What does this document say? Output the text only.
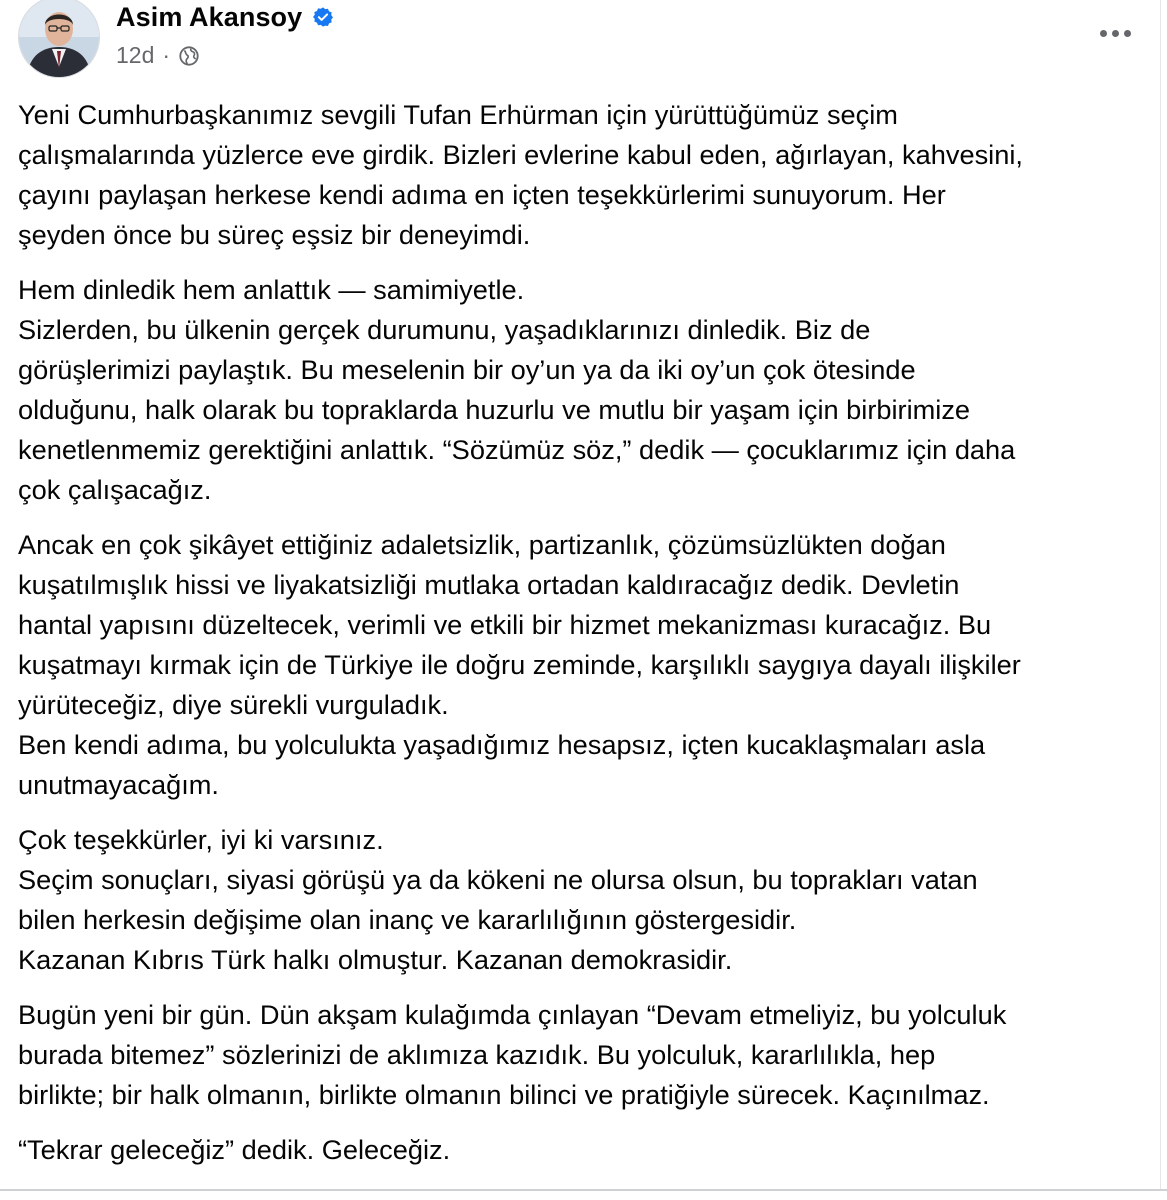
Asim Akansoy
12d ·

Yeni Cumhurbaşkanımız sevgili Tufan Erhürman için yürüttüğümüz seçim
çalışmalarında yüzlerce eve girdik. Bizleri evlerine kabul eden, ağırlayan, kahvesini,
çayını paylaşan herkese kendi adıma en içten teşekkürlerimi sunuyorum. Her
şeyden önce bu süreç eşsiz bir deneyimdi.

Hem dinledik hem anlattık — samimiyetle.
Sizlerden, bu ülkenin gerçek durumunu, yaşadıklarınızı dinledik. Biz de
görüşlerimizi paylaştık. Bu meselenin bir oy’un ya da iki oy’un çok ötesinde
olduğunu, halk olarak bu topraklarda huzurlu ve mutlu bir yaşam için birbirimize
kenetlenmemiz gerektiğini anlattık. “Sözümüz söz,” dedik — çocuklarımız için daha
çok çalışacağız.

Ancak en çok şikâyet ettiğiniz adaletsizlik, partizanlık, çözümsüzlükten doğan
kuşatılmışlık hissi ve liyakatsizliği mutlaka ortadan kaldıracağız dedik. Devletin
hantal yapısını düzeltecek, verimli ve etkili bir hizmet mekanizması kuracağız. Bu
kuşatmayı kırmak için de Türkiye ile doğru zeminde, karşılıklı saygıya dayalı ilişkiler
yürüteceğiz, diye sürekli vurguladık.
Ben kendi adıma, bu yolculukta yaşadığımız hesapsız, içten kucaklaşmaları asla
unutmayacağım.

Çok teşekkürler, iyi ki varsınız.
Seçim sonuçları, siyasi görüşü ya da kökeni ne olursa olsun, bu toprakları vatan
bilen herkesin değişime olan inanç ve kararlılığının göstergesidir.
Kazanan Kıbrıs Türk halkı olmuştur. Kazanan demokrasidir.

Bugün yeni bir gün. Dün akşam kulağımda çınlayan “Devam etmeliyiz, bu yolculuk
burada bitemez” sözlerinizi de aklımıza kazıdık. Bu yolculuk, kararlılıkla, hep
birlikte; bir halk olmanın, birlikte olmanın bilinci ve pratiğiyle sürecek. Kaçınılmaz.

“Tekrar geleceğiz” dedik. Geleceğiz.
